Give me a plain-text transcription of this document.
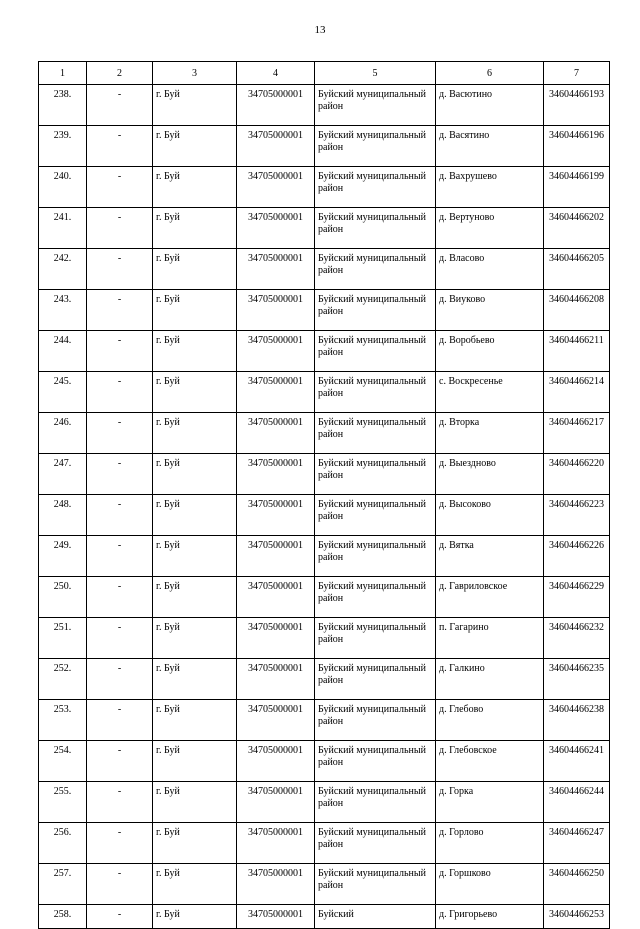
13
1	2	3	4	5	6	7
238.	-	г. Буй	34705000001	Буйский муниципальный район	д. Васютино	34604466193
239.	-	г. Буй	34705000001	Буйский муниципальный район	д. Васятино	34604466196
240.	-	г. Буй	34705000001	Буйский муниципальный район	д. Вахрушево	34604466199
241.	-	г. Буй	34705000001	Буйский муниципальный район	д. Вертуново	34604466202
242.	-	г. Буй	34705000001	Буйский муниципальный район	д. Власово	34604466205
243.	-	г. Буй	34705000001	Буйский муниципальный район	д. Виуково	34604466208
244.	-	г. Буй	34705000001	Буйский муниципальный район	д. Воробьево	34604466211
245.	-	г. Буй	34705000001	Буйский муниципальный район	с. Воскресенье	34604466214
246.	-	г. Буй	34705000001	Буйский муниципальный район	д. Вторка	34604466217
247.	-	г. Буй	34705000001	Буйский муниципальный район	д. Выездново	34604466220
248.	-	г. Буй	34705000001	Буйский муниципальный район	д. Высоково	34604466223
249.	-	г. Буй	34705000001	Буйский муниципальный район	д. Вятка	34604466226
250.	-	г. Буй	34705000001	Буйский муниципальный район	д. Гавриловское	34604466229
251.	-	г. Буй	34705000001	Буйский муниципальный район	п. Гагарино	34604466232
252.	-	г. Буй	34705000001	Буйский муниципальный район	д. Галкино	34604466235
253.	-	г. Буй	34705000001	Буйский муниципальный район	д. Глебово	34604466238
254.	-	г. Буй	34705000001	Буйский муниципальный район	д. Глебовское	34604466241
255.	-	г. Буй	34705000001	Буйский муниципальный район	д. Горка	34604466244
256.	-	г. Буй	34705000001	Буйский муниципальный район	д. Горлово	34604466247
257.	-	г. Буй	34705000001	Буйский муниципальный район	д. Горшково	34604466250
258.	-	г. Буй	34705000001	Буйский	д. Григорьево	34604466253
